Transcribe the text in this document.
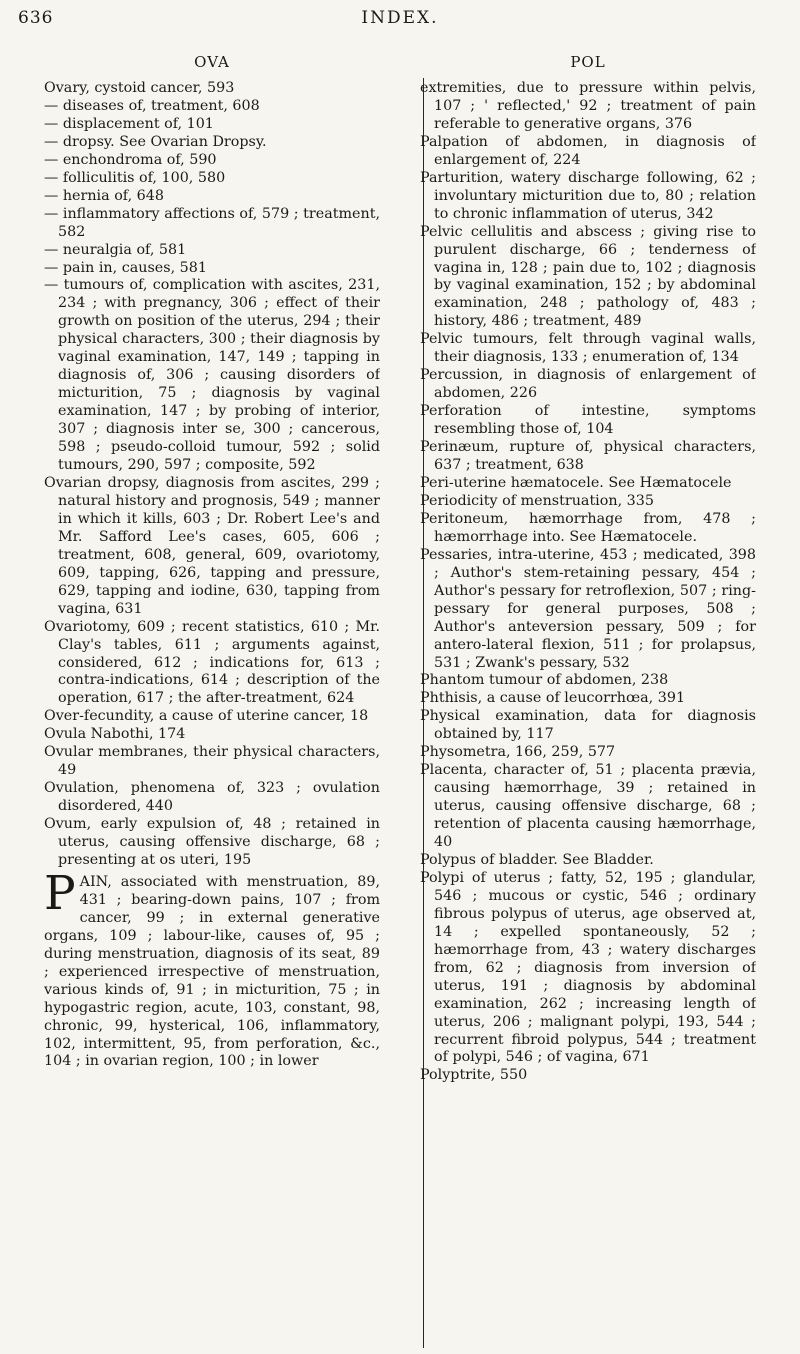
636	INDEX.
OVA

Ovary, cystoid cancer, 593

— diseases of, treatment, 608

— displacement of, 101

— dropsy. See Ovarian Dropsy.

— enchondroma of, 590

— folliculitis of, 100, 580

— hernia of, 648

— inflammatory affections of, 579 ; treatment, 582

— neuralgia of, 581

— pain in, causes, 581

— tumours of, complication with ascites, 231, 234 ; with pregnancy, 306 ; effect of their growth on position of the uterus, 294 ; their physical characters, 300 ; their diagnosis by vaginal examination, 147, 149 ; tapping in diagnosis of, 306 ; causing disorders of micturition, 75 ; diagnosis by vaginal examination, 147 ; by probing of interior, 307 ; diagnosis inter se, 300 ; cancerous, 598 ; pseudo-colloid tumour, 592 ; solid tumours, 290, 597 ; composite, 592

Ovarian dropsy, diagnosis from ascites, 299 ; natural history and prognosis, 549 ; manner in which it kills, 603 ; Dr. Robert Lee's and Mr. Safford Lee's cases, 605, 606 ; treatment, 608, general, 609, ovariotomy, 609, tapping, 626, tapping and pressure, 629, tapping and iodine, 630, tapping from vagina, 631

Ovariotomy, 609 ; recent statistics, 610 ; Mr. Clay's tables, 611 ; arguments against, considered, 612 ; indications for, 613 ; contra-indications, 614 ; description of the operation, 617 ; the after-treatment, 624

Over-fecundity, a cause of uterine cancer, 18

Ovula Nabothi, 174

Ovular membranes, their physical characters, 49

Ovulation, phenomena of, 323 ; ovulation disordered, 440

Ovum, early expulsion of, 48 ; retained in uterus, causing offensive discharge, 68 ; presenting at os uteri, 195

PAIN, associated with menstruation, 89, 431 ; bearing-down pains, 107 ; from cancer, 99 ; in external generative organs, 109 ; labour-like, causes of, 95 ; during menstruation, diagnosis of its seat, 89 ; experienced irrespective of menstruation, various kinds of, 91 ; in micturition, 75 ; in hypogastric region, acute, 103, constant, 98, chronic, 99, hysterical, 106, inflammatory, 102, intermittent, 95, from perforation, &c., 104 ; in ovarian region, 100 ; in lower
POL

extremities, due to pressure within pelvis, 107 ; ' reflected,' 92 ; treatment of pain referable to generative organs, 376

Palpation of abdomen, in diagnosis of enlargement of, 224

Parturition, watery discharge following, 62 ; involuntary micturition due to, 80 ; relation to chronic inflammation of uterus, 342

Pelvic cellulitis and abscess ; giving rise to purulent discharge, 66 ; tenderness of vagina in, 128 ; pain due to, 102 ; diagnosis by vaginal examination, 152 ; by abdominal examination, 248 ; pathology of, 483 ; history, 486 ; treatment, 489

Pelvic tumours, felt through vaginal walls, their diagnosis, 133 ; enumeration of, 134

Percussion, in diagnosis of enlargement of abdomen, 226

Perforation of intestine, symptoms resembling those of, 104

Perinæum, rupture of, physical characters, 637 ; treatment, 638

Peri-uterine hæmatocele. See Hæmatocele

Periodicity of menstruation, 335

Peritoneum, hæmorrhage from, 478 ; hæmorrhage into. See Hæmatocele.

Pessaries, intra-uterine, 453 ; medicated, 398 ; Author's stem-retaining pessary, 454 ; Author's pessary for retroflexion, 507 ; ring-pessary for general purposes, 508 ; Author's anteversion pessary, 509 ; for antero-lateral flexion, 511 ; for prolapsus, 531 ; Zwank's pessary, 532

Phantom tumour of abdomen, 238

Phthisis, a cause of leucorrhœa, 391

Physical examination, data for diagnosis obtained by, 117

Physometra, 166, 259, 577

Placenta, character of, 51 ; placenta prævia, causing hæmorrhage, 39 ; retained in uterus, causing offensive discharge, 68 ; retention of placenta causing hæmorrhage, 40

Polypus of bladder. See Bladder.

Polypi of uterus ; fatty, 52, 195 ; glandular, 546 ; mucous or cystic, 546 ; ordinary fibrous polypus of uterus, age observed at, 14 ; expelled spontaneously, 52 ; hæmorrhage from, 43 ; watery discharges from, 62 ; diagnosis from inversion of uterus, 191 ; diagnosis by abdominal examination, 262 ; increasing length of uterus, 206 ; malignant polypi, 193, 544 ; recurrent fibroid polypus, 544 ; treatment of polypi, 546 ; of vagina, 671

Polyptrite, 550
